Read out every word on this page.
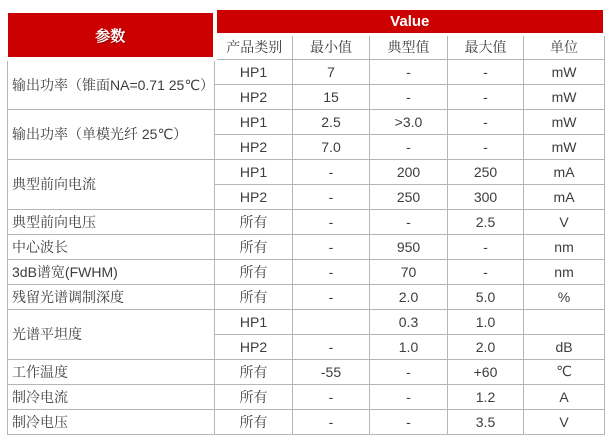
参数	Value				
	产品类别	最小值	典型值	最大值	单位
输出功率（锥面NA=0.71 25℃）	HP1	7	-	-	mW
	HP2	15	-	-	mW
输出功率（单模光纤 25℃）	HP1	2.5	>3.0	-	mW
	HP2	7.0	-	-	mW
典型前向电流	HP1	-	200	250	mA
	HP2	-	250	300	mA
典型前向电压	所有	-	-	2.5	V
中心波长	所有	-	950	-	nm
3dB谱宽(FWHM)	所有	-	70	-	nm
残留光谱调制深度	所有	-	2.0	5.0	%
光谱平坦度	HP1		0.3	1.0	
	HP2	-	1.0	2.0	dB
工作温度	所有	-55	-	+60	℃
制冷电流	所有	-	-	1.2	A
制冷电压	所有	-	-	3.5	V
